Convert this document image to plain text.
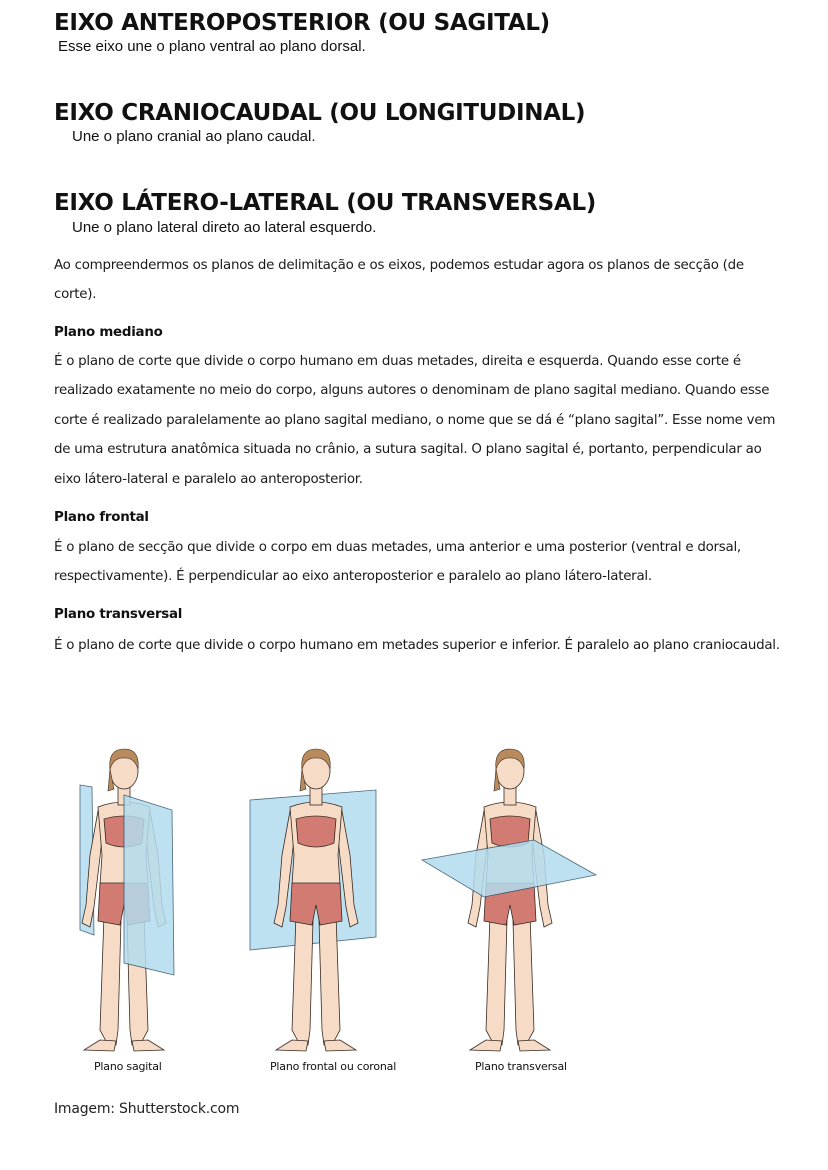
EIXO ANTEROPOSTERIOR (OU SAGITAL)

Esse eixo une o plano ventral ao plano dorsal.

EIXO CRANIOCAUDAL (OU LONGITUDINAL)

Une o plano cranial ao plano caudal.

EIXO LÁTERO-LATERAL (OU TRANSVERSAL)

Une o plano lateral direto ao lateral esquerdo.

Ao compreendermos os planos de delimitação e os eixos, podemos estudar agora os planos de secção (de corte).

Plano mediano

É o plano de corte que divide o corpo humano em duas metades, direita e esquerda. Quando esse corte é realizado exatamente no meio do corpo, alguns autores o denominam de plano sagital mediano. Quando esse corte é realizado paralelamente ao plano sagital mediano, o nome que se dá é “plano sagital”. Esse nome vem de uma estrutura anatômica situada no crânio, a sutura sagital. O plano sagital é, portanto, perpendicular ao eixo látero-lateral e paralelo ao anteroposterior.

Plano frontal

É o plano de secção que divide o corpo em duas metades, uma anterior e uma posterior (ventral e dorsal, respectivamente). É perpendicular ao eixo anteroposterior e paralelo ao plano látero-lateral.

Plano transversal

É o plano de corte que divide o corpo humano em metades superior e inferior. É paralelo ao plano craniocaudal.

Plano sagital	Plano frontal ou coronal	Plano transversal

Imagem: Shutterstock.com
